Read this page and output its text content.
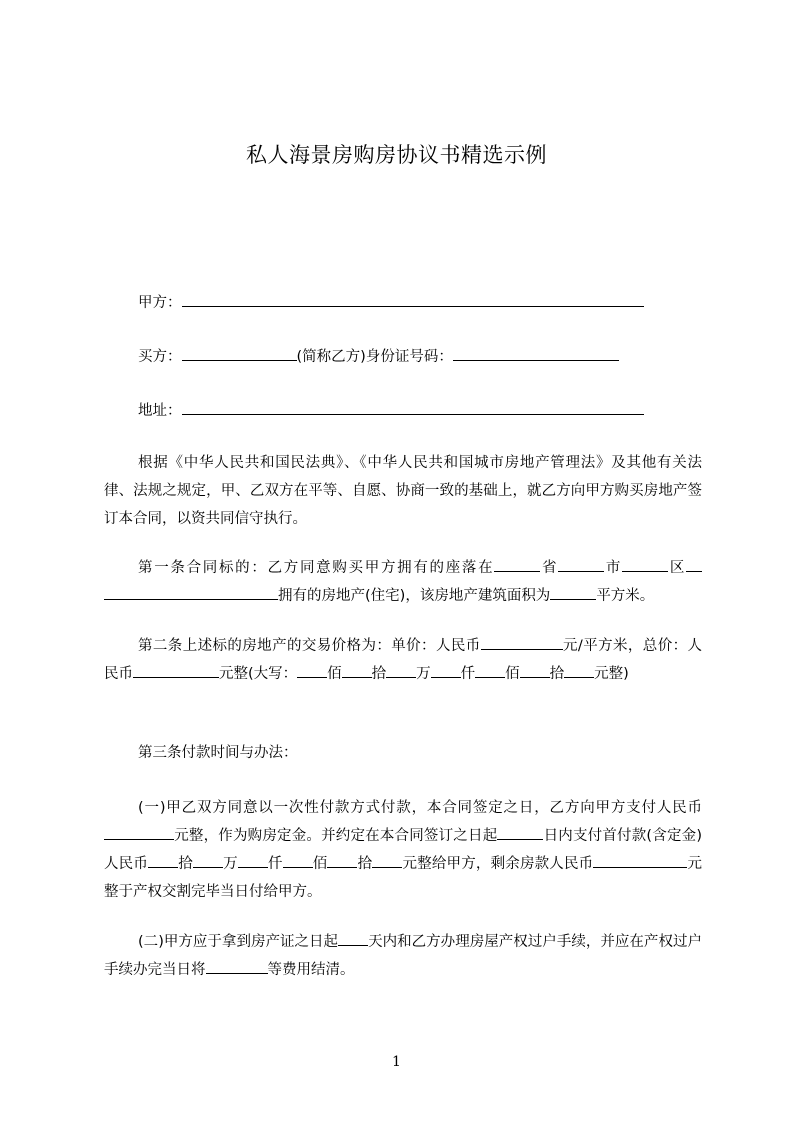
私人海景房购房协议书精选示例
甲方：
买方：	(简称乙方)身份证号码：
地址：
根据《中华人民共和国民法典》、《中华人民共和国城市房地产管理法》及其他有关法律、法规之规定，甲、乙双方在平等、自愿、协商一致的基础上，就乙方向甲方购买房地产签订本合同，以资共同信守执行。
第一条合同标的：乙方同意购买甲方拥有的座落在	省	市	区拥有的房地产(住宅)，该房地产建筑面积为	平方米。
第二条上述标的房地产的交易价格为：单价：人民币	元/平方米，总价：人民币	元整(大写： 佰 拾 万 仟 佰 拾 元整)
第三条付款时间与办法：
(一)甲乙双方同意以一次性付款方式付款，本合同签定之日，乙方向甲方支付人民币元整，作为购房定金。并约定在本合同签订之日起	日内支付首付款(含定金)人民币 拾 万 仟 佰 拾 元整给甲方，剩余房款人民币	元整于产权交割完毕当日付给甲方。
(二)甲方应于拿到房产证之日起 天内和乙方办理房屋产权过户手续，并应在产权过户手续办完当日将	等费用结清。
1
